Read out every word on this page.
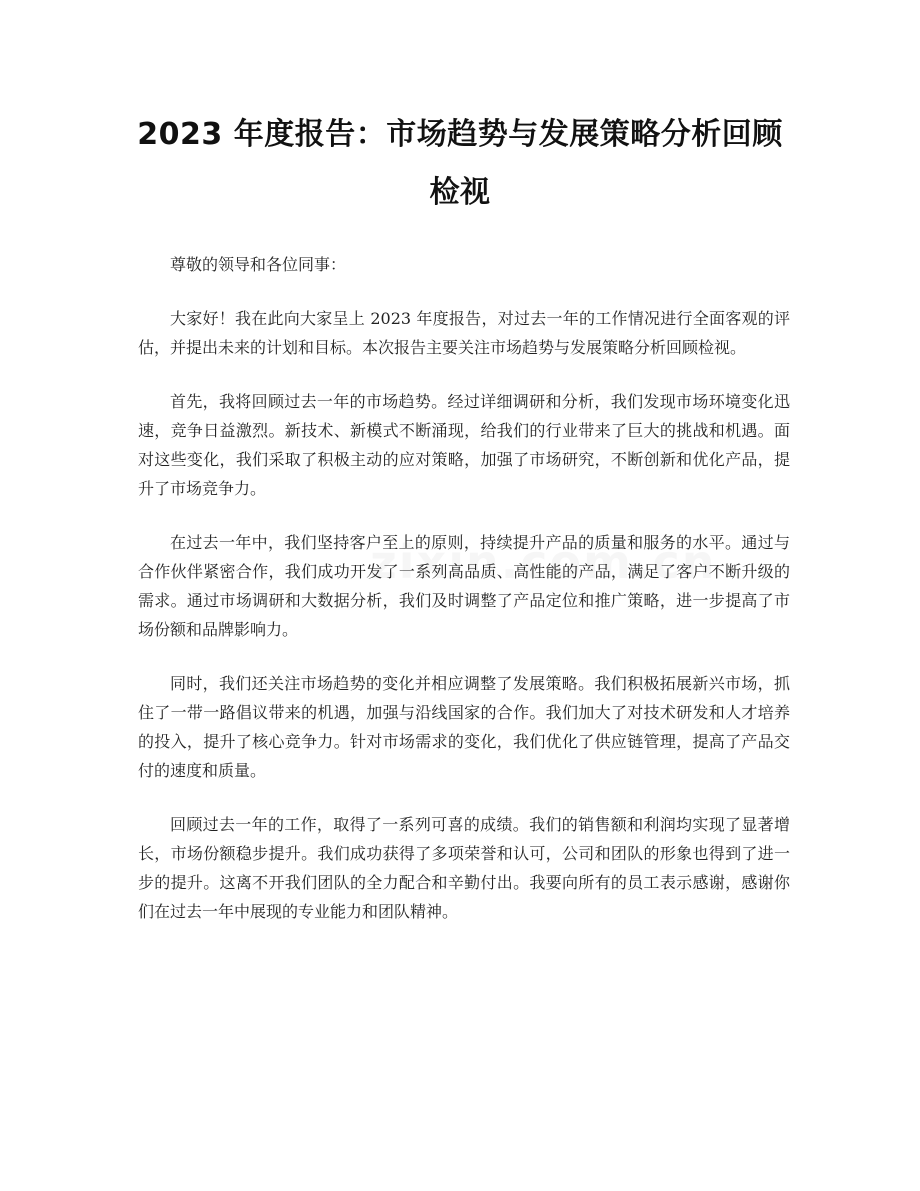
2023 年度报告：市场趋势与发展策略分析回顾检视

尊敬的领导和各位同事：

大家好！我在此向大家呈上 2023 年度报告，对过去一年的工作情况进行全面客观的评估，并提出未来的计划和目标。本次报告主要关注市场趋势与发展策略分析回顾检视。

首先，我将回顾过去一年的市场趋势。经过详细调研和分析，我们发现市场环境变化迅速，竞争日益激烈。新技术、新模式不断涌现，给我们的行业带来了巨大的挑战和机遇。面对这些变化，我们采取了积极主动的应对策略，加强了市场研究，不断创新和优化产品，提升了市场竞争力。

在过去一年中，我们坚持客户至上的原则，持续提升产品的质量和服务的水平。通过与合作伙伴紧密合作，我们成功开发了一系列高品质、高性能的产品，满足了客户不断升级的需求。通过市场调研和大数据分析，我们及时调整了产品定位和推广策略，进一步提高了市场份额和品牌影响力。

同时，我们还关注市场趋势的变化并相应调整了发展策略。我们积极拓展新兴市场，抓住了一带一路倡议带来的机遇，加强与沿线国家的合作。我们加大了对技术研发和人才培养的投入，提升了核心竞争力。针对市场需求的变化，我们优化了供应链管理，提高了产品交付的速度和质量。

回顾过去一年的工作，取得了一系列可喜的成绩。我们的销售额和利润均实现了显著增长，市场份额稳步提升。我们成功获得了多项荣誉和认可，公司和团队的形象也得到了进一步的提升。这离不开我们团队的全力配合和辛勤付出。我要向所有的员工表示感谢，感谢你们在过去一年中展现的专业能力和团队精神。
